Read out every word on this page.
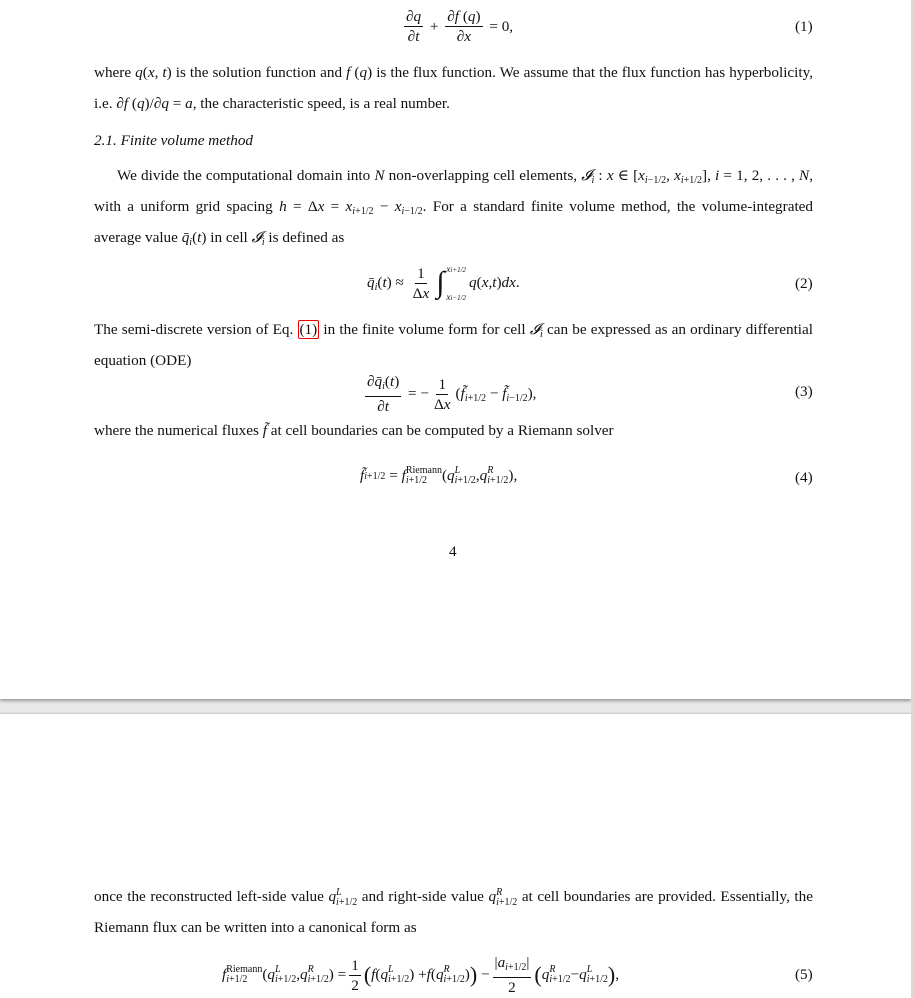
$\frac{\partial q}{\partial t} + \frac{\partial f (q)}{\partial x} = 0$,	(1)
where q(x, t) is the solution function and f (q) is the flux function. We assume that the flux function has hyperbolicity,
i.e. ∂f (q)/∂q = a, the characteristic speed, is a real number.
2.1. Finite volume method
We divide the computational domain into N non-overlapping cell elements, 𝓘$_i$ : x ∈ [$x_{i-1/2}$, $x_{i+1/2}$], i = 1, 2, . . . , N,
with a uniform grid spacing $h = \Delta x = x_{i+1/2} - x_{i-1/2}$. For a standard finite volume method, the volume-integrated
average value $q̄_i(t)$ in cell 𝓘$_i$ is defined as
$q̄_i$ ( t ) ≈ $\frac{1}{\Delta x}$ ∫ xi+1/2
xi−1/2
q ( x , t ) dx .	(2)
The semi-discrete version of Eq. (1) in the finite volume form for cell 𝓘$_i$ can be expressed as an ordinary differential
equation (ODE)
$\frac{\partial q̄_i(t)}{\partial t}$ = − $\frac{1}{\Delta x}$ ($f̃_{i+1/2}$ − $f̃_{i-1/2}$),	(3)
where the numerical fluxes f̃ at cell boundaries can be computed by a Riemann solver
f̃ i+1/2 = f Riemann
i+1/2 ( q L
i+1/2 , q R
i+1/2 ),	(4)
4
once the reconstructed left-side value q L
i+1/2 and right-side value q R
i+1/2 at cell boundaries are provided. Essentially, the
Riemann flux can be written into a canonical form as
f Riemann
i+1/2 ( q L
i+1/2 , q R
i+1/2 ) = $\frac{1}{2}$ ( f ( q L
i+1/2 ) + f ( q R
i+1/2 ) ) − $\frac{|a_{i+1/2}|}{2}$ ( q R
i+1/2 − q L
i+1/2 ) ,	(5)
